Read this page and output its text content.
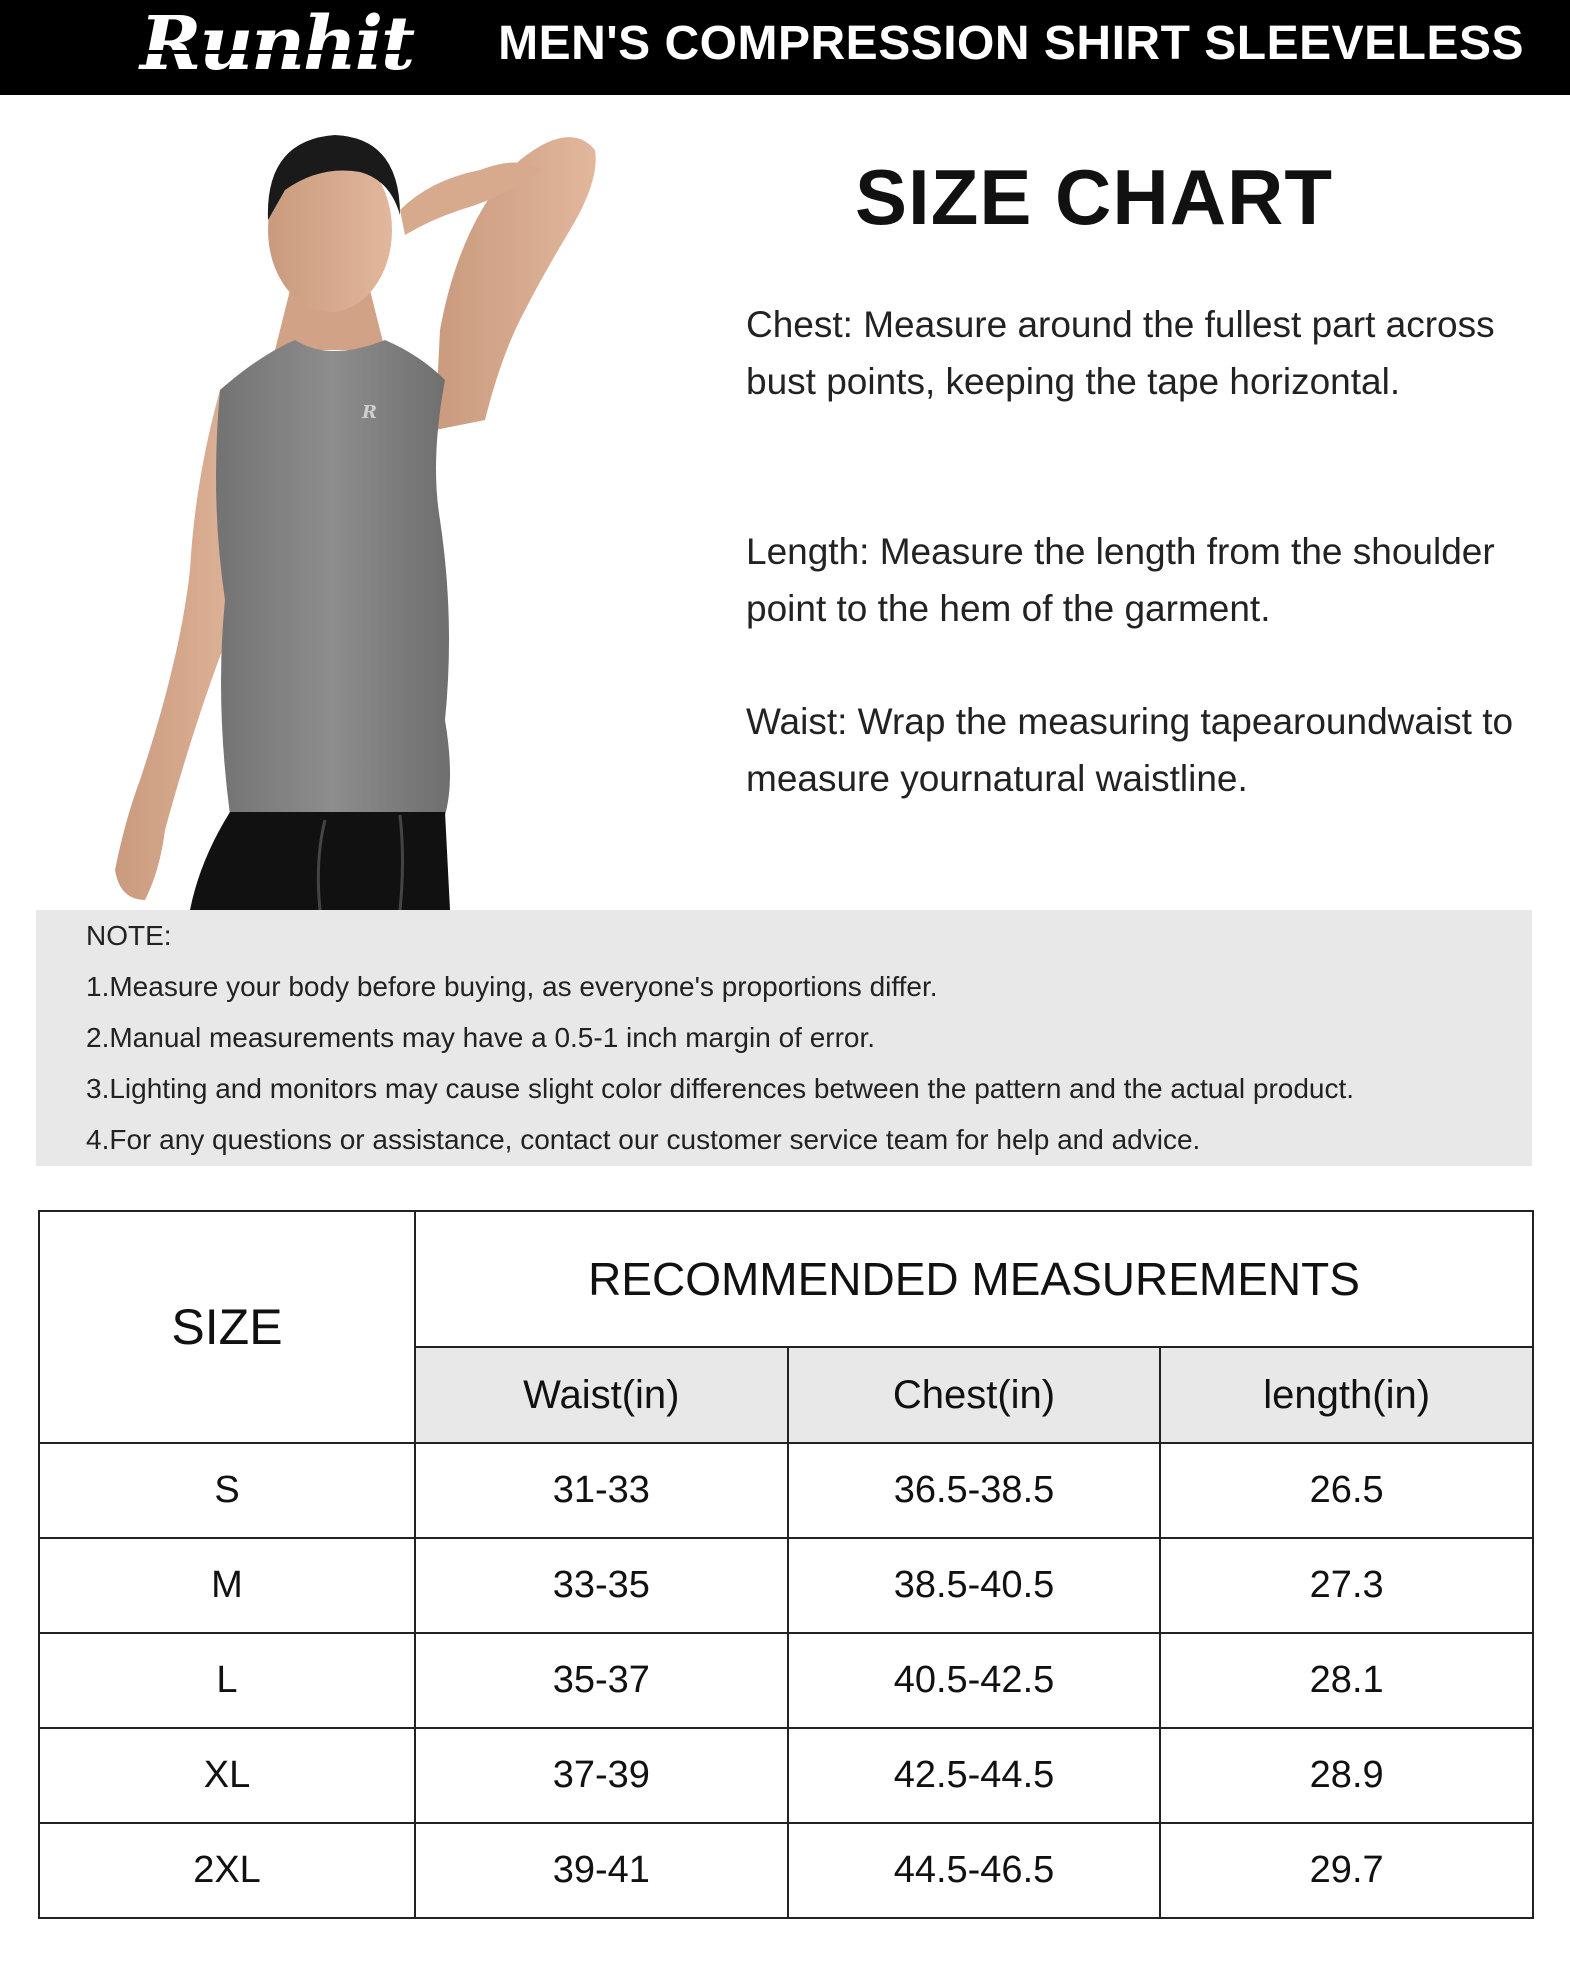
Runhit MEN'S COMPRESSION SHIRT SLEEVELESS
R
SIZE CHART
Chest: Measure around the fullest part across bust points, keeping the tape horizontal.
Length: Measure the length from the shoulder point to the hem of the garment.
Waist: Wrap the measuring tapearoundwaist to measure yournatural waistline.
NOTE:
1.Measure your body before buying, as everyone's proportions differ.
2.Manual measurements may have a 0.5-1 inch margin of error.
3.Lighting and monitors may cause slight color differences between the pattern and the actual product.
4.For any questions or assistance, contact our customer service team for help and advice.
SIZE	RECOMMENDED MEASUREMENTS		
	Waist(in)	Chest(in)	length(in)
S	31-33	36.5-38.5	26.5
M	33-35	38.5-40.5	27.3
L	35-37	40.5-42.5	28.1
XL	37-39	42.5-44.5	28.9
2XL	39-41	44.5-46.5	29.7
